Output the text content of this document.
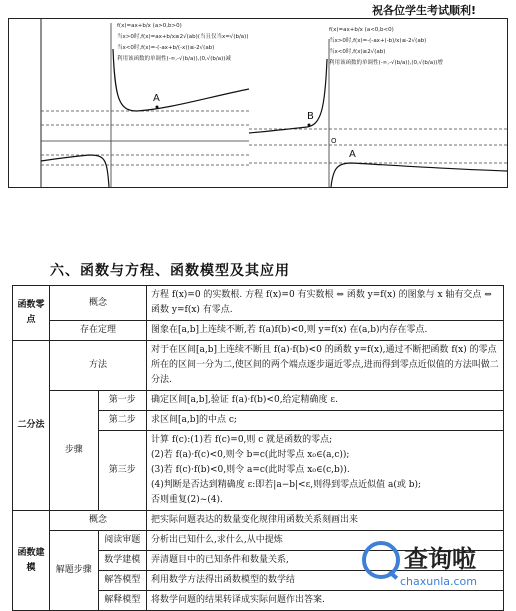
祝各位学生考试顺利!
f(x)=ax+b/x (a>0,b>0)
当x>0时,f(x)=ax+b/x≥2√(ab)(当且仅当x=√(b/a))
当x<0时,f(x)=-(-ax+b/(-x))≤-2√(ab)
利用该函数的单调性(-∞,-√(b/a)),(0,√(b/a))减
f(x)=ax+b/x (a<0,b<0)
当x>0时,f(x)=-(-ax+(-b)/x)≤-2√(ab)
当x<0时,f(x)≥2√(ab)
利用该函数的单调性(-∞,-√(b/a)),(0,√(b/a))增
A
B
A
O
六、函数与方程、函数模型及其应用
函数零点	概念		方程 f(x)=0 的实数根. 方程 f(x)=0 有实数根 ⇔ 函数 y=f(x) 的图象与 x 轴有交点 ⇔ 函数 y=f(x) 有零点.
	存在定理		图象在[a,b]上连续不断,若 f(a)f(b)<0,则 y=f(x) 在(a,b)内存在零点.
二分法	方法		对于在区间[a,b]上连续不断且 f(a)·f(b)<0 的函数 y=f(x),通过不断把函数 f(x) 的零点所在的区间一分为二,使区间的两个端点逐步逼近零点,进而得到零点近似值的方法叫做二分法.
	步骤	第一步	确定区间[a,b],验证 f(a)·f(b)<0,给定精确度 ε.
		第二步	求区间[a,b]的中点 c;
		第三步	计算 f(c):(1)若 f(c)=0,则 c 就是函数的零点;
(2)若 f(a)·f(c)<0,则令 b=c(此时零点 x₀∈(a,c));
(3)若 f(c)·f(b)<0,则令 a=c(此时零点 x₀∈(c,b)).
(4)判断是否达到精确度 ε:即若|a−b|<ε,则得到零点近似值 a(或 b);
否则重复(2)~(4).

函数建模	概念		把实际问题表达的数量变化规律用函数关系刻画出来
	解题步骤	阅读审题	分析出已知什么,求什么,从中提炼
		数学建模	弄清题目中的已知条件和数量关系,
		解答模型	利用数学方法得出函数模型的数学结
		解释模型	将数学问题的结果转译成实际问题作出答案.
查询啦
chaxunla.com
